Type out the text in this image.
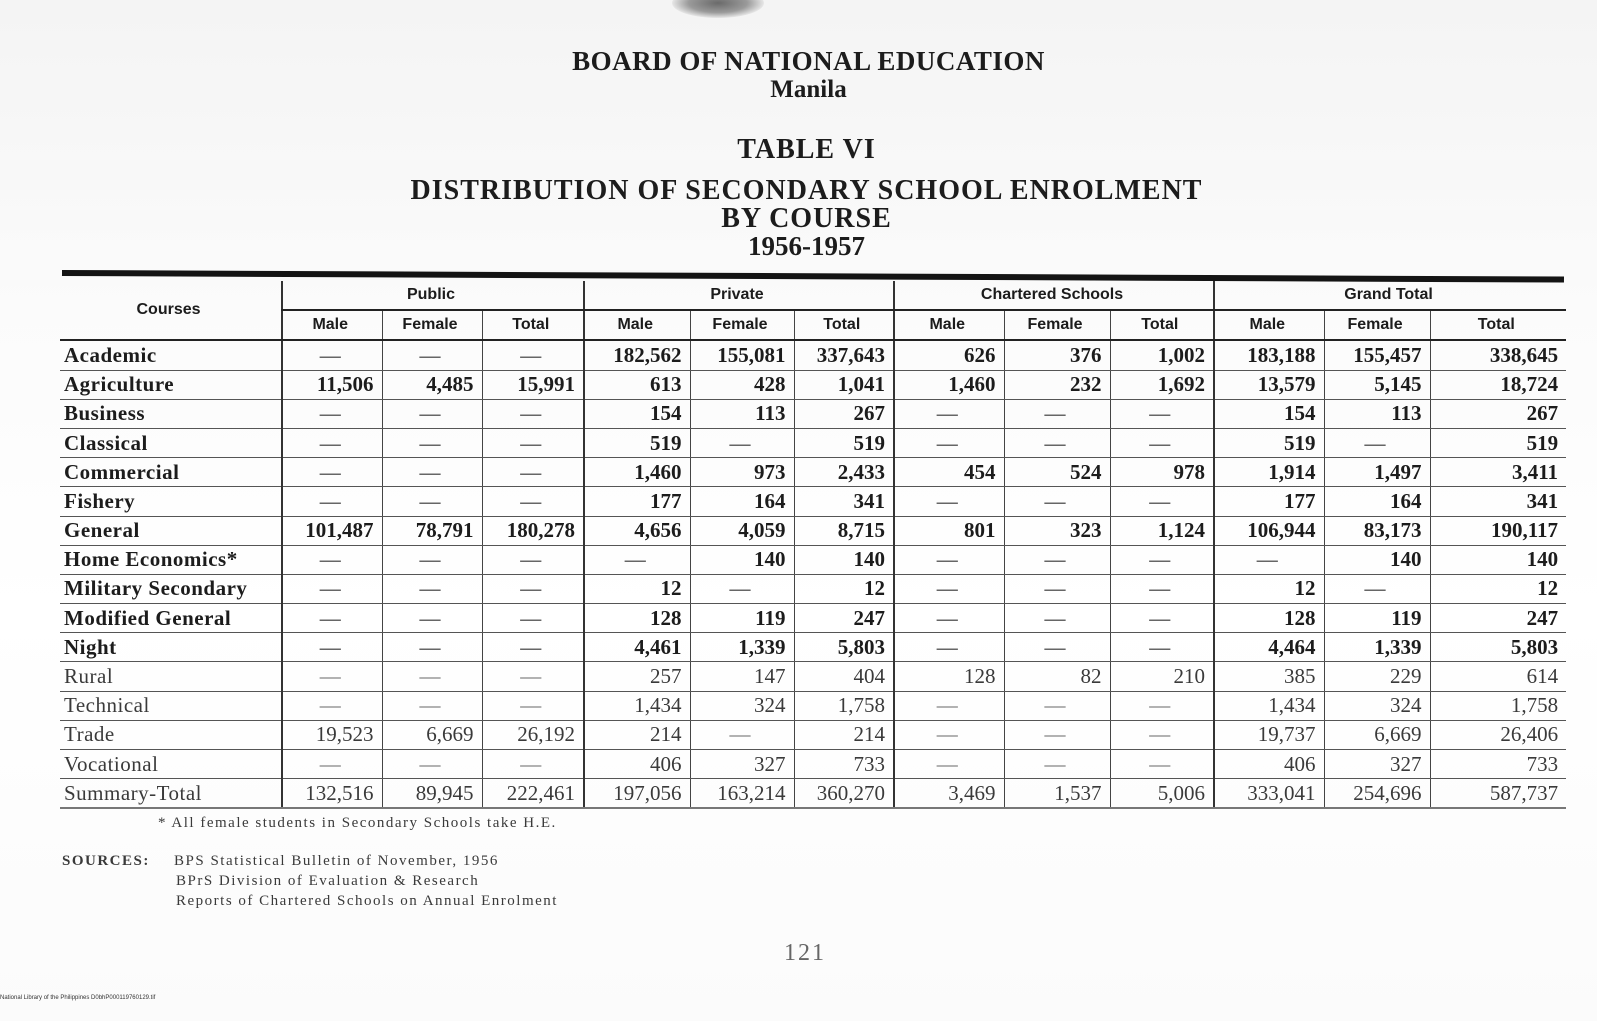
BOARD OF NATIONAL EDUCATION
Manila
TABLE VI
DISTRIBUTION OF SECONDARY SCHOOL ENROLMENT
BY COURSE
1956-1957
Courses	Public			Private			Chartered Schools			Grand Total		
	Male	Female	Total	Male	Female	Total	Male	Female	Total	Male	Female	Total
Academic	—	—	—	182,562	155,081	337,643	626	376	1,002	183,188	155,457	338,645
Agriculture	11,506	4,485	15,991	613	428	1,041	1,460	232	1,692	13,579	5,145	18,724
Business	—	—	—	154	113	267	—	—	—	154	113	267
Classical	—	—	—	519	—	519	—	—	—	519	—	519
Commercial	—	—	—	1,460	973	2,433	454	524	978	1,914	1,497	3,411
Fishery	—	—	—	177	164	341	—	—	—	177	164	341
General	101,487	78,791	180,278	4,656	4,059	8,715	801	323	1,124	106,944	83,173	190,117
Home Economics*	—	—	—	—	140	140	—	—	—	—	140	140
Military Secondary	—	—	—	12	—	12	—	—	—	12	—	12
Modified General	—	—	—	128	119	247	—	—	—	128	119	247
Night	—	—	—	4,461	1,339	5,803	—	—	—	4,464	1,339	5,803
Rural	—	—	—	257	147	404	128	82	210	385	229	614
Technical	—	—	—	1,434	324	1,758	—	—	—	1,434	324	1,758
Trade	19,523	6,669	26,192	214	—	214	—	—	—	19,737	6,669	26,406
Vocational	—	—	—	406	327	733	—	—	—	406	327	733
Summary-Total	132,516	89,945	222,461	197,056	163,214	360,270	3,469	1,537	5,006	333,041	254,696	587,737
* All female students in Secondary Schools take H.E.
SOURCES: BPS Statistical Bulletin of November, 1956
BPrS Division of Evaluation & Research
Reports of Chartered Schools on Annual Enrolment
121
National Library of the Philippines D0bhP000119760129.tif
